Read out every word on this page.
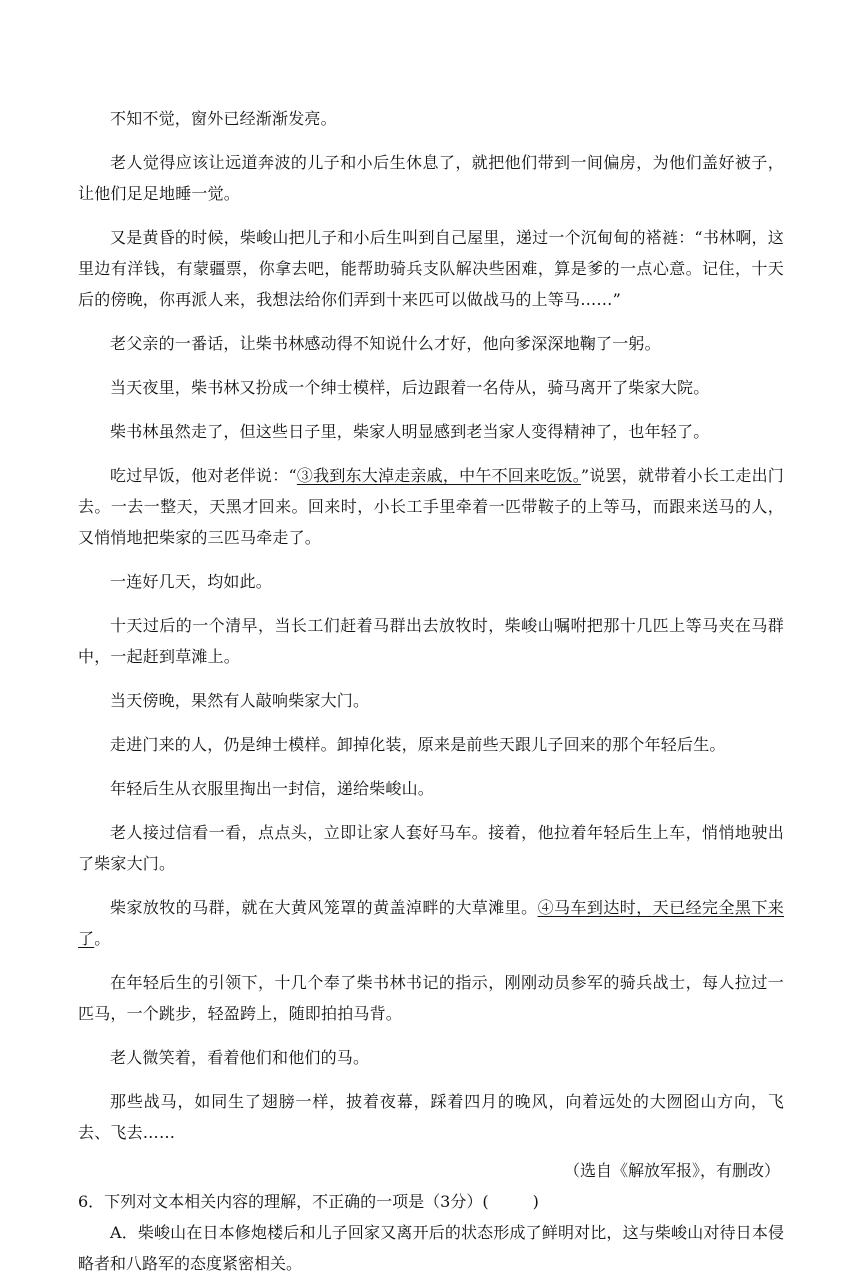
不知不觉，窗外已经渐渐发亮。

老人觉得应该让远道奔波的儿子和小后生休息了，就把他们带到一间偏房，为他们盖好被子，让他们足足地睡一觉。

又是黄昏的时候，柴峻山把儿子和小后生叫到自己屋里，递过一个沉甸甸的褡裢：“书林啊，这里边有洋钱，有蒙疆票，你拿去吧，能帮助骑兵支队解决些困难，算是爹的一点心意。记住，十天后的傍晚，你再派人来，我想法给你们弄到十来匹可以做战马的上等马……”

老父亲的一番话，让柴书林感动得不知说什么才好，他向爹深深地鞠了一躬。

当天夜里，柴书林又扮成一个绅士模样，后边跟着一名侍从，骑马离开了柴家大院。

柴书林虽然走了，但这些日子里，柴家人明显感到老当家人变得精神了，也年轻了。

吃过早饭，他对老伴说：“③我到东大淖走亲戚，中午不回来吃饭。”说罢，就带着小长工走出门去。一去一整天，天黑才回来。回来时，小长工手里牵着一匹带鞍子的上等马，而跟来送马的人，又悄悄地把柴家的三匹马牵走了。

一连好几天，均如此。

十天过后的一个清早，当长工们赶着马群出去放牧时，柴峻山嘱咐把那十几匹上等马夹在马群中，一起赶到草滩上。

当天傍晚，果然有人敲响柴家大门。

走进门来的人，仍是绅士模样。卸掉化装，原来是前些天跟儿子回来的那个年轻后生。

年轻后生从衣服里掏出一封信，递给柴峻山。

老人接过信看一看，点点头，立即让家人套好马车。接着，他拉着年轻后生上车，悄悄地驶出了柴家大门。

柴家放牧的马群，就在大黄风笼罩的黄盖淖畔的大草滩里。④马车到达时，天已经完全黑下来了。

在年轻后生的引领下，十几个奉了柴书林书记的指示，刚刚动员参军的骑兵战士，每人拉过一匹马，一个跳步，轻盈跨上，随即拍拍马背。

老人微笑着，看着他们和他们的马。

那些战马，如同生了翅膀一样，披着夜幕，踩着四月的晚风，向着远处的大囫囵山方向，飞去、飞去……

（选自《解放军报》，有删改）

6．下列对文本相关内容的理解，不正确的一项是（3分）(	)

A．柴峻山在日本修炮楼后和儿子回家又离开后的状态形成了鲜明对比，这与柴峻山对待日本侵略者和八路军的态度紧密相关。
